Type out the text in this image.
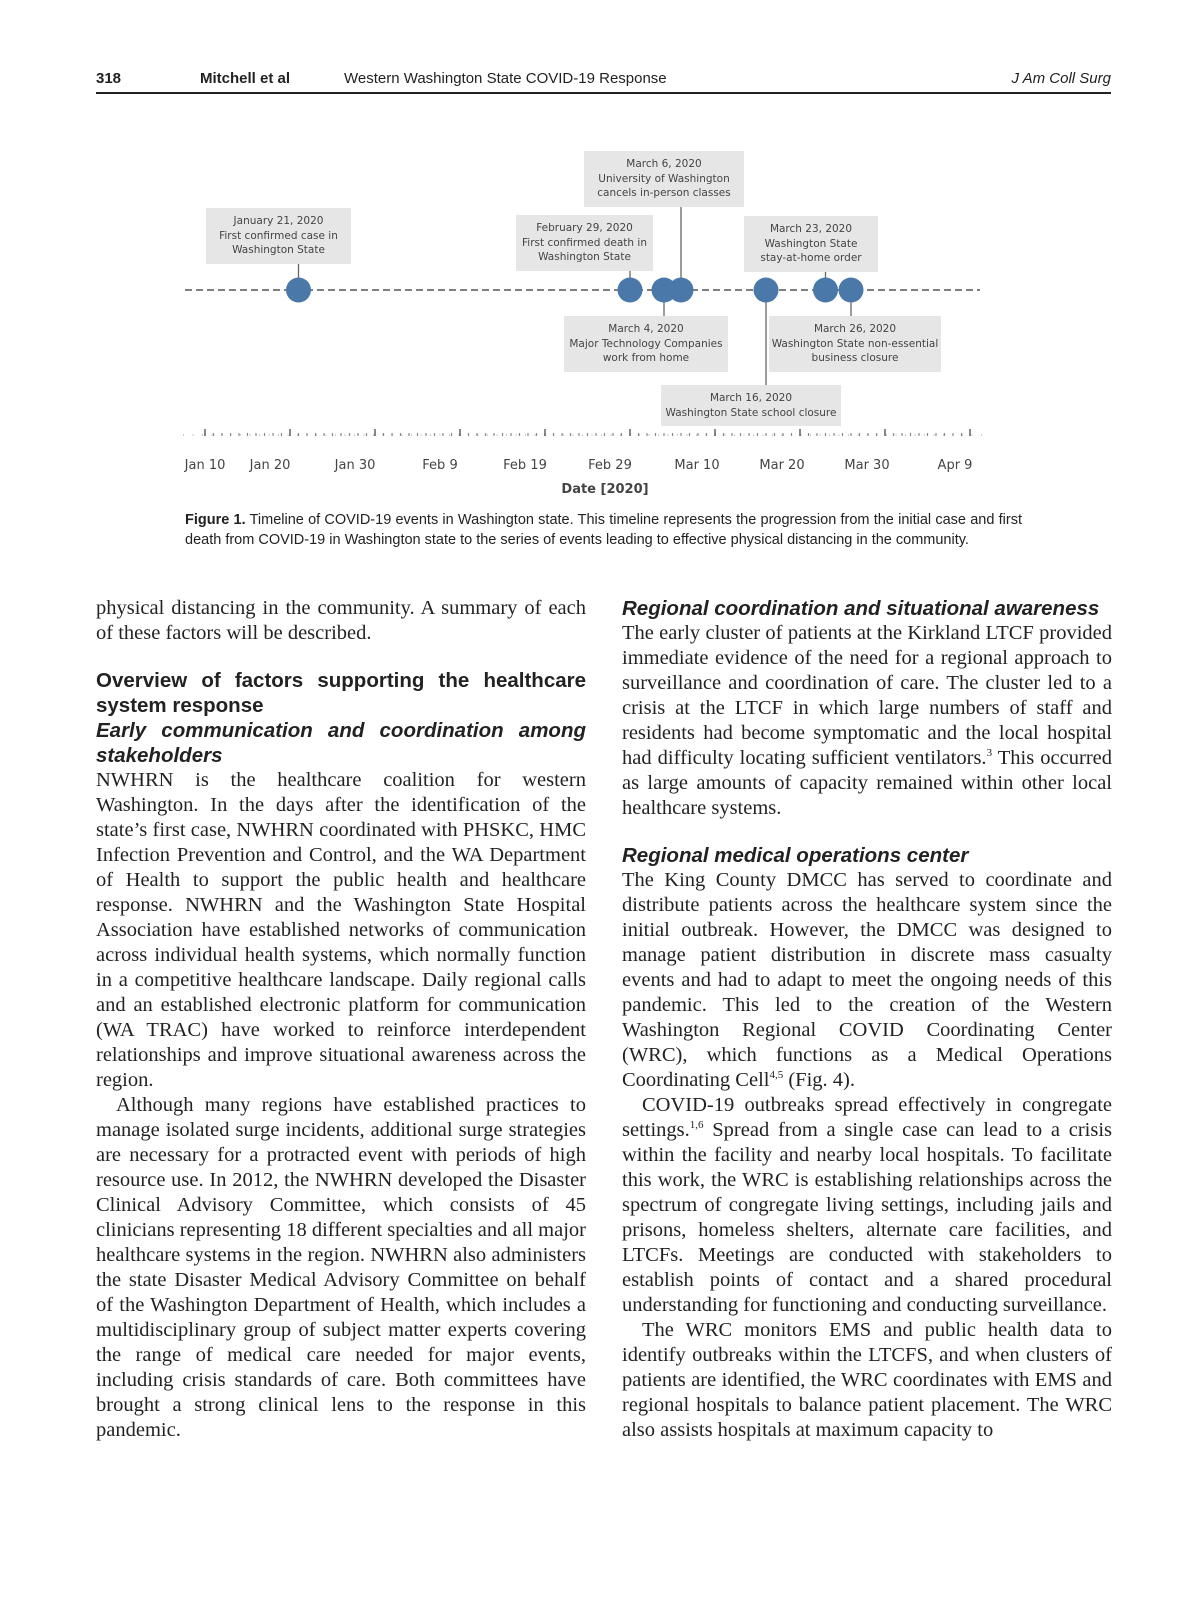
318	Mitchell et al	Western Washington State COVID-19 Response	J Am Coll Surg
January 21, 2020
First confirmed case in
Washington State
February 29, 2020
First confirmed death in
Washington State
March 4, 2020
Major Technology Companies
work from home
March 6, 2020
University of Washington
cancels in-person classes
March 16, 2020
Washington State school closure
March 23, 2020
Washington State
stay-at-home order
March 26, 2020
Washington State non-essential
business closure
Jan 10 Jan 20	Jan 30	Feb 9	Feb 19	Feb 29	Mar 10	Mar 20	Mar 30	Apr 9
Date [2020]
Figure 1. Timeline of COVID-19 events in Washington state. This timeline represents the progression from the initial case and first death from COVID-19 in Washington state to the series of events leading to effective physical distancing in the community.

physical distancing in the community. A summary of each of these factors will be described.

Overview of factors supporting the healthcare system response

Early communication and coordination among stakeholders

NWHRN is the healthcare coalition for western Washington. In the days after the identification of the state’s first case, NWHRN coordinated with PHSKC, HMC Infection Prevention and Control, and the WA Department of Health to support the public health and healthcare response. NWHRN and the Washington State Hospital Association have established networks of communication across individual health systems, which normally function in a competitive healthcare landscape. Daily regional calls and an established electronic platform for communication (WA TRAC) have worked to reinforce interdependent relationships and improve situational awareness across the region.

Although many regions have established practices to manage isolated surge incidents, additional surge strategies are necessary for a protracted event with periods of high resource use. In 2012, the NWHRN developed the Disaster Clinical Advisory Committee, which consists of 45 clinicians representing 18 different specialties and all major healthcare systems in the region. NWHRN also administers the state Disaster Medical Advisory Committee on behalf of the Washington Department of Health, which includes a multidisciplinary group of subject matter experts covering the range of medical care needed for major events, including crisis standards of care. Both committees have brought a strong clinical lens to the response in this pandemic.

Regional coordination and situational awareness

The early cluster of patients at the Kirkland LTCF provided immediate evidence of the need for a regional approach to surveillance and coordination of care. The cluster led to a crisis at the LTCF in which large numbers of staff and residents had become symptomatic and the local hospital had difficulty locating sufficient ventilators.$^3$ This occurred as large amounts of capacity remained within other local healthcare systems.

Regional medical operations center

The King County DMCC has served to coordinate and distribute patients across the healthcare system since the initial outbreak. However, the DMCC was designed to manage patient distribution in discrete mass casualty events and had to adapt to meet the ongoing needs of this pandemic. This led to the creation of the Western Washington Regional COVID Coordinating Center (WRC), which functions as a Medical Operations Coordinating Cell$^{4,5}$ (Fig. 4).

COVID-19 outbreaks spread effectively in congregate settings.$^{1,6}$ Spread from a single case can lead to a crisis within the facility and nearby local hospitals. To facilitate this work, the WRC is establishing relationships across the spectrum of congregate living settings, including jails and prisons, homeless shelters, alternate care facilities, and LTCFs. Meetings are conducted with stakeholders to establish points of contact and a shared procedural understanding for functioning and conducting surveillance.

The WRC monitors EMS and public health data to identify outbreaks within the LTCFS, and when clusters of patients are identified, the WRC coordinates with EMS and regional hospitals to balance patient placement. The WRC also assists hospitals at maximum capacity to
